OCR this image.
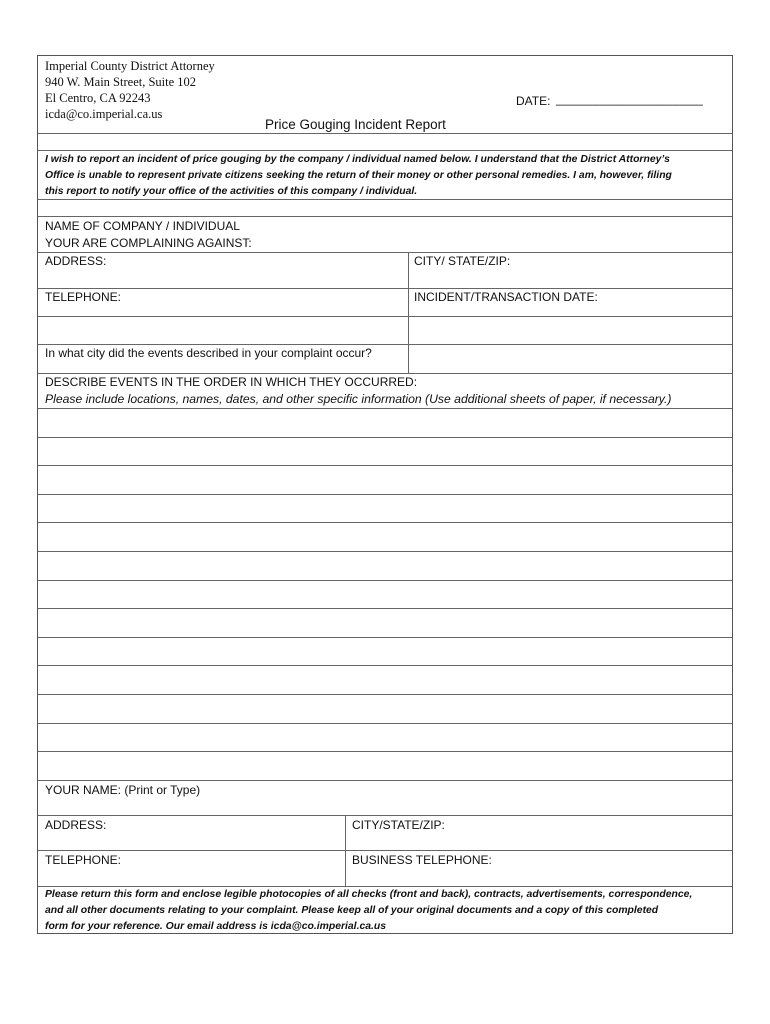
Imperial County District Attorney
940 W. Main Street, Suite 102
El Centro, CA 92243
icda@co.imperial.ca.us
DATE: ______________________
Price Gouging Incident Report
I wish to report an incident of price gouging by the company / individual named below. I understand that the District Attorney’s
Office is unable to represent private citizens seeking the return of their money or other personal remedies. I am, however, filing
this report to notify your office of the activities of this company / individual.
NAME OF COMPANY / INDIVIDUAL
YOUR ARE COMPLAINING AGAINST:
ADDRESS:	CITY/ STATE/ZIP:
TELEPHONE:	INCIDENT/TRANSACTION DATE:
In what city did the events described in your complaint occur?
DESCRIBE EVENTS IN THE ORDER IN WHICH THEY OCCURRED:
Please include locations, names, dates, and other specific information (Use additional sheets of paper, if necessary.)
YOUR NAME: (Print or Type)
ADDRESS:	CITY/STATE/ZIP:
TELEPHONE:	BUSINESS TELEPHONE:
Please return this form and enclose legible photocopies of all checks (front and back), contracts, advertisements, correspondence,
and all other documents relating to your complaint. Please keep all of your original documents and a copy of this completed
form for your reference. Our email address is icda@co.imperial.ca.us
